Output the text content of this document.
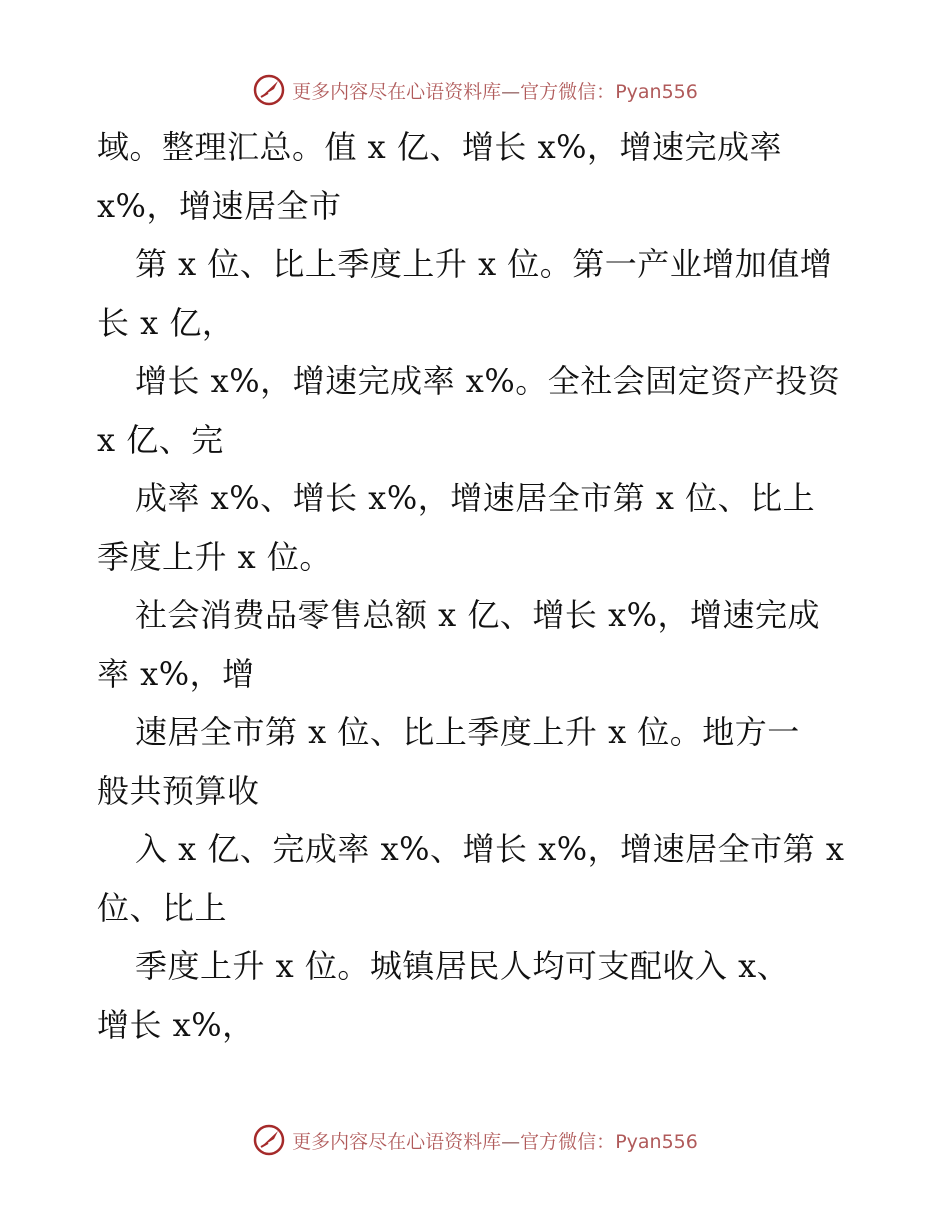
更多内容尽在心语资料库—官方微信：Pyan556
域。整理汇总。值 x 亿、增长 x%，增速完成率
x%，增速居全市
第 x 位、比上季度上升 x 位。第一产业增加值增
长 x 亿，
增长 x%，增速完成率 x%。全社会固定资产投资
x 亿、完
成率 x%、增长 x%，增速居全市第 x 位、比上
季度上升 x 位。
社会消费品零售总额 x 亿、增长 x%，增速完成
率 x%，增
速居全市第 x 位、比上季度上升 x 位。地方一
般共预算收
入 x 亿、完成率 x%、增长 x%，增速居全市第 x
位、比上
季度上升 x 位。城镇居民人均可支配收入 x、
增长 x%，
更多内容尽在心语资料库—官方微信：Pyan556
